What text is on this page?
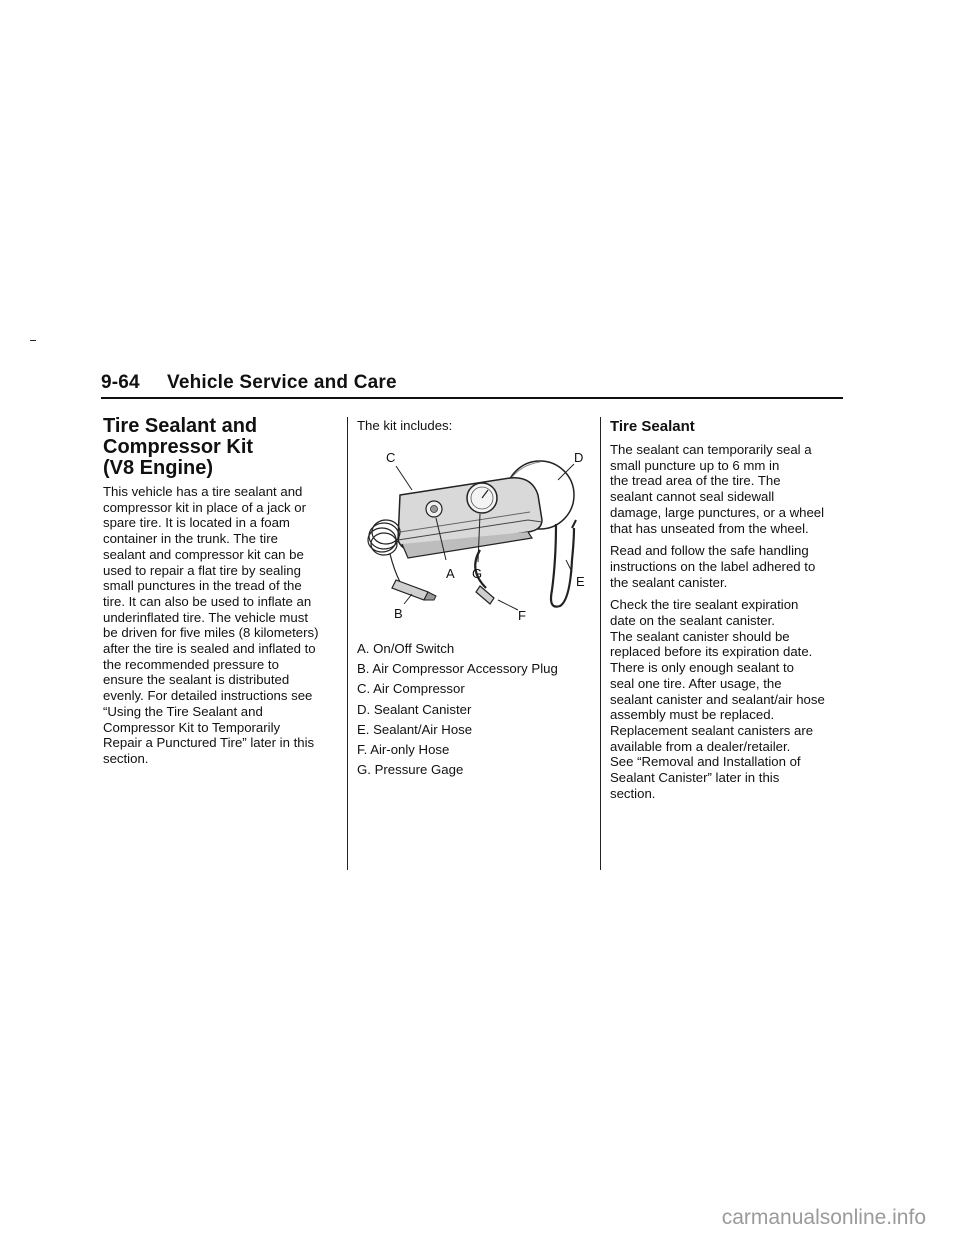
9-64 Vehicle Service and Care
Tire Sealant and
Compressor Kit
(V8 Engine)
This vehicle has a tire sealant and
compressor kit in place of a jack or
spare tire. It is located in a foam
container in the trunk. The tire
sealant and compressor kit can be
used to repair a flat tire by sealing
small punctures in the tread of the
tire. It can also be used to inflate an
underinflated tire. The vehicle must
be driven for five miles (8 kilometers)
after the tire is sealed and inflated to
the recommended pressure to
ensure the sealant is distributed
evenly. For detailed instructions see
“Using the Tire Sealant and
Compressor Kit to Temporarily
Repair a Punctured Tire” later in this
section.
The kit includes:
C	D
A G
E
F
B
A. On/Off Switch
B. Air Compressor Accessory Plug
C. Air Compressor
D. Sealant Canister
E. Sealant/Air Hose
F. Air-only Hose
G. Pressure Gage
Tire Sealant
The sealant can temporarily seal a
small puncture up to 6 mm in
the tread area of the tire. The
sealant cannot seal sidewall
damage, large punctures, or a wheel
that has unseated from the wheel.
Read and follow the safe handling
instructions on the label adhered to
the sealant canister.
Check the tire sealant expiration
date on the sealant canister.
The sealant canister should be
replaced before its expiration date.
There is only enough sealant to
seal one tire. After usage, the
sealant canister and sealant/air hose
assembly must be replaced.
Replacement sealant canisters are
available from a dealer/retailer.
See “Removal and Installation of
Sealant Canister” later in this
section.
carmanualsonline.info
